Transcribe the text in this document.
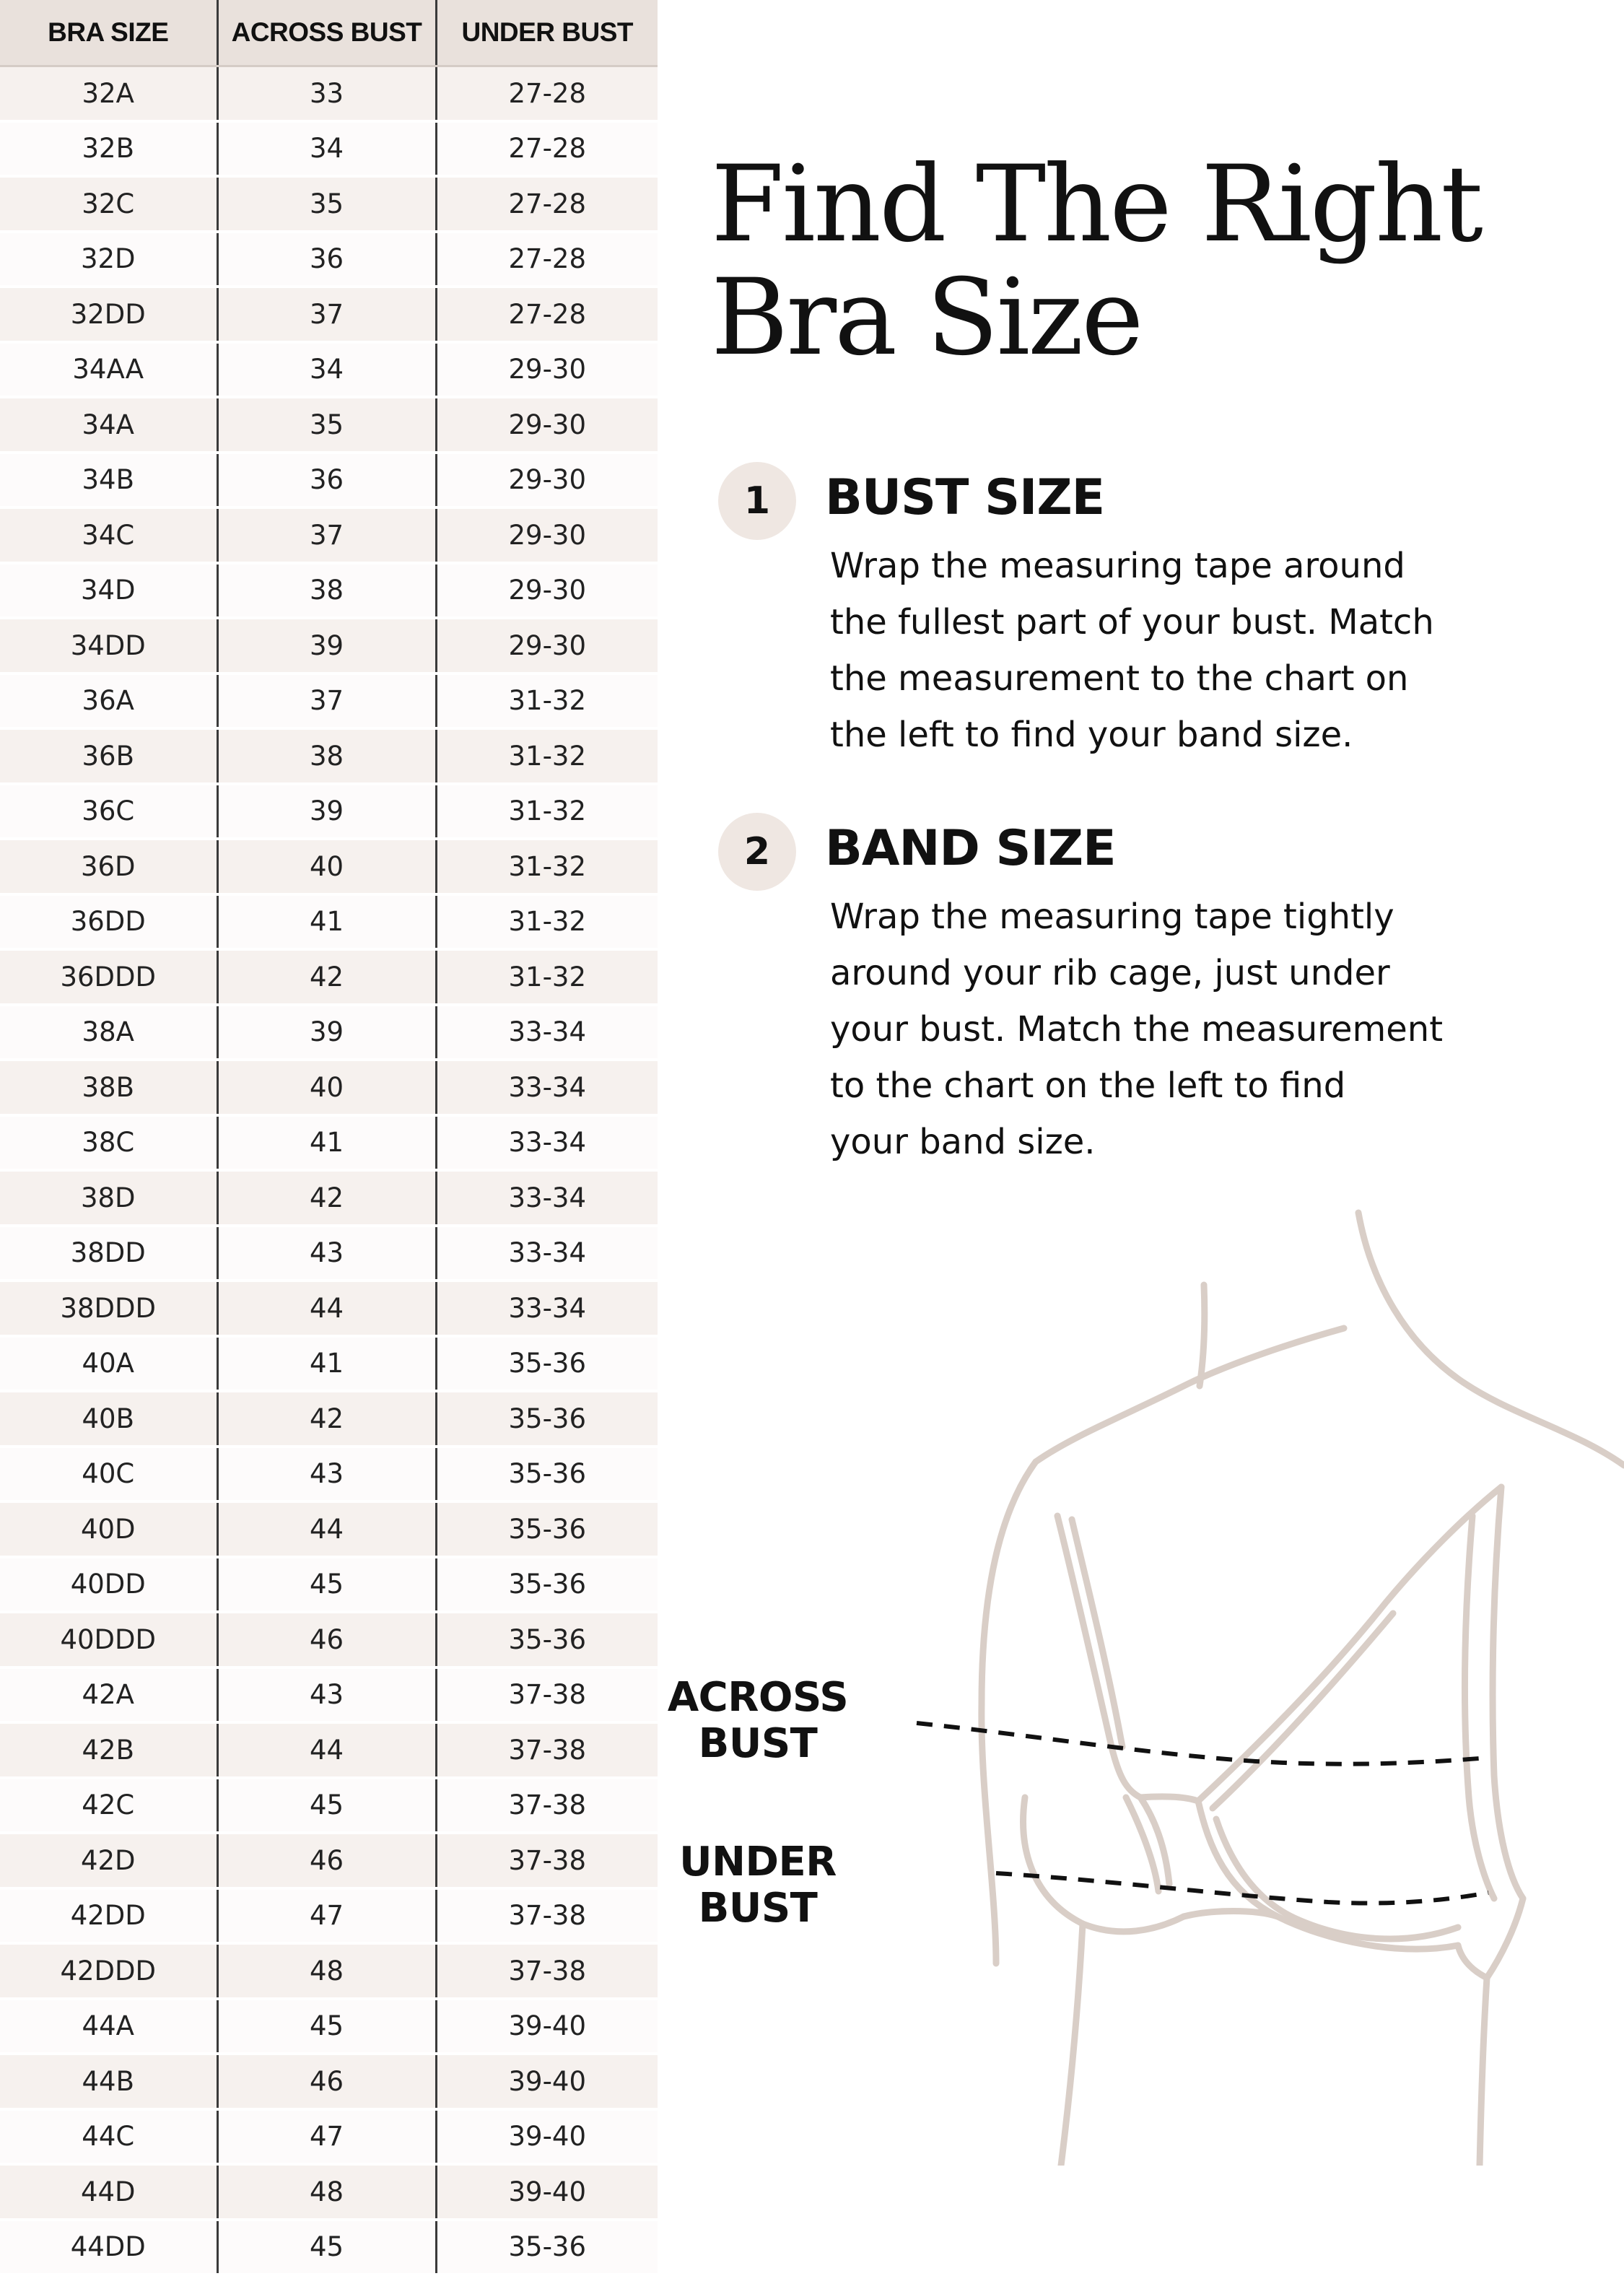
BRA SIZE	ACROSS BUST	UNDER BUST
32A	33	27-28
32B	34	27-28
32C	35	27-28
32D	36	27-28
32DD	37	27-28
34AA	34	29-30
34A	35	29-30
34B	36	29-30
34C	37	29-30
34D	38	29-30
34DD	39	29-30
36A	37	31-32
36B	38	31-32
36C	39	31-32
36D	40	31-32
36DD	41	31-32
36DDD	42	31-32
38A	39	33-34
38B	40	33-34
38C	41	33-34
38D	42	33-34
38DD	43	33-34
38DDD	44	33-34
40A	41	35-36
40B	42	35-36
40C	43	35-36
40D	44	35-36
40DD	45	35-36
40DDD	46	35-36
42A	43	37-38
42B	44	37-38
42C	45	37-38
42D	46	37-38
42DD	47	37-38
42DDD	48	37-38
44A	45	39-40
44B	46	39-40
44C	47	39-40
44D	48	39-40
44DD	45	35-36
Find The Right
Bra Size
1	BUST SIZE

Wrap the measuring tape around
the fullest part of your bust. Match
the measurement to the chart on
the left to find your band size.

2	BAND SIZE

Wrap the measuring tape tightly
around your rib cage, just under
your bust. Match the measurement
to the chart on the left to find
your band size.

ACROSS
BUST
UNDER
BUST
